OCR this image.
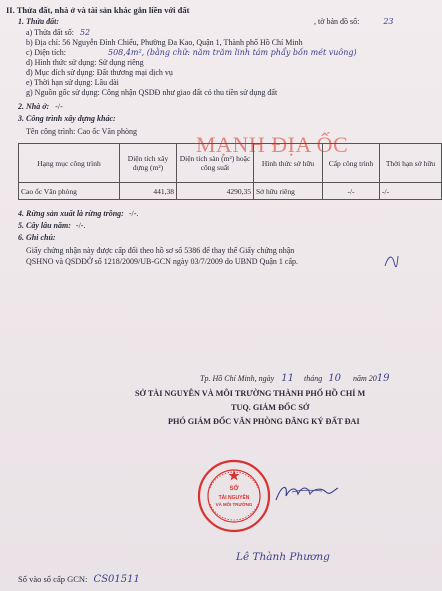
II. Thửa đất, nhà ở và tài sản khác gắn liền với đất
1. Thửa đất:
a) Thửa đất số: 52
, tờ bản đồ số:	23
b) Địa chỉ: 56 Nguyễn Đình Chiểu, Phường Đa Kao, Quận 1, Thành phố Hồ Chí Minh
c) Diện tích:	508,4m², (bằng chữ: năm trăm linh tám phẩy bốn mét vuông)
d) Hình thức sử dụng: Sử dụng riêng
đ) Mục đích sử dụng: Đất thương mại dịch vụ
e) Thời hạn sử dụng: Lâu dài
g) Nguồn gốc sử dụng: Công nhận QSDĐ như giao đất có thu tiền sử dụng đất
2. Nhà ở: -/-
3. Công trình xây dựng khác:
Tên công trình: Cao ốc Văn phòng
MẠNH ĐỊA ỐC
Hạng mục công trình	Diện tích xây dựng (m²)	Diện tích sàn (m²) hoặc công suất	Hình thức sở hữu	Cấp công trình	Thời hạn sở hữu
Cao ốc Văn phòng	441,38	4290,35	Sở hữu riêng	-/-	-/-
4. Rừng sản xuất là rừng trồng: -/-.
5. Cây lâu năm: -/-.
6. Ghi chú:
Giấy chứng nhận này được cấp đổi theo hồ sơ số 5386 để thay thế Giấy chứng nhận
QSHNO và QSDĐỞ số 1218/2009/UB-GCN ngày 03/7/2009 do UBND Quận 1 cấp.
Tp. Hồ Chí Minh, ngày 11 tháng 10 năm 2019
SỞ TÀI NGUYÊN VÀ MÔI TRƯỜNG THÀNH PHỐ HỒ CHÍ M
TUQ. GIÁM ĐỐC SỞ
PHÓ GIÁM ĐỐC VĂN PHÒNG ĐĂNG KÝ ĐẤT ĐAI
SỞ
TÀI NGUYÊN
VÀ MÔI TRƯỜNG
Lê Thành Phương
Số vào sổ cấp GCN: CS01511
